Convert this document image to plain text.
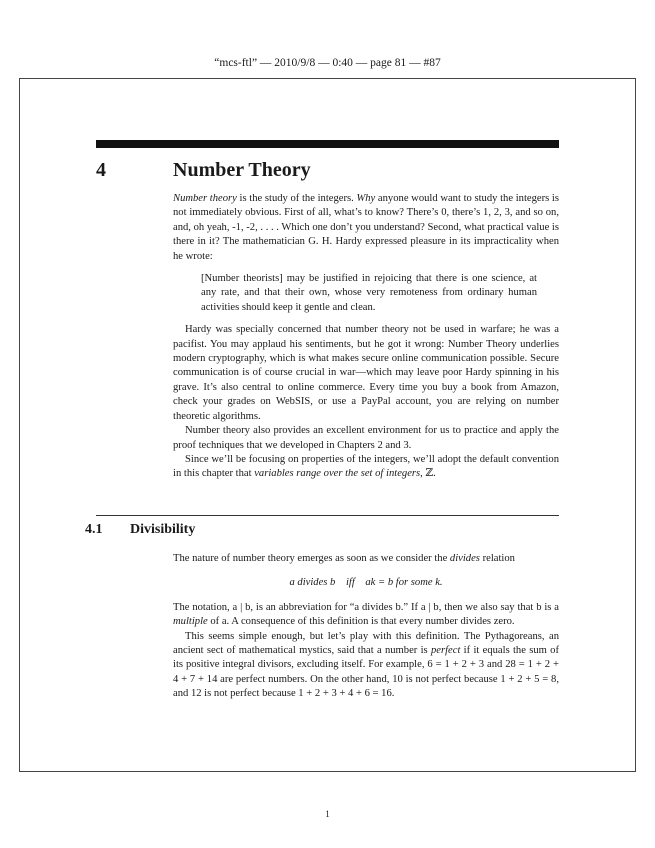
“mcs-ftl” — 2010/9/8 — 0:40 — page 81 — #87
4	Number Theory

Number theory is the study of the integers. Why anyone would want to study the integers is not immediately obvious. First of all, what’s to know? There’s 0, there’s 1, 2, 3, and so on, and, oh yeah, -1, -2, . . . . Which one don’t you understand? Second, what practical value is there in it? The mathematician G. H. Hardy expressed pleasure in its impracticality when he wrote:

[Number theorists] may be justified in rejoicing that there is one science, at any rate, and that their own, whose very remoteness from ordinary human activities should keep it gentle and clean.

Hardy was specially concerned that number theory not be used in warfare; he was a pacifist. You may applaud his sentiments, but he got it wrong: Number Theory underlies modern cryptography, which is what makes secure online communication possible. Secure communication is of course crucial in war—which may leave poor Hardy spinning in his grave. It’s also central to online commerce. Every time you buy a book from Amazon, check your grades on WebSIS, or use a PayPal account, you are relying on number theoretic algorithms.

Number theory also provides an excellent environment for us to practice and apply the proof techniques that we developed in Chapters 2 and 3.

Since we’ll be focusing on properties of the integers, we’ll adopt the default convention in this chapter that variables range over the set of integers, ℤ.

4.1 Divisibility

The nature of number theory emerges as soon as we consider the divides relation

a divides b    iff    ak = b for some k.

The notation, a | b, is an abbreviation for “a divides b.” If a | b, then we also say that b is a multiple of a. A consequence of this definition is that every number divides zero.

This seems simple enough, but let’s play with this definition. The Pythagoreans, an ancient sect of mathematical mystics, said that a number is perfect if it equals the sum of its positive integral divisors, excluding itself. For example, 6 = 1 + 2 + 3 and 28 = 1 + 2 + 4 + 7 + 14 are perfect numbers. On the other hand, 10 is not perfect because 1 + 2 + 5 = 8, and 12 is not perfect because 1 + 2 + 3 + 4 + 6 = 16.

1
